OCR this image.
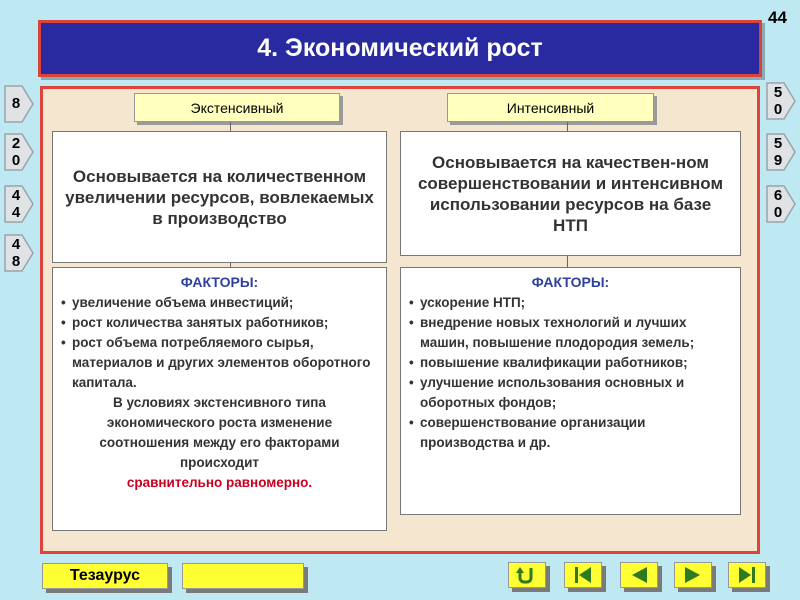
44
4. Экономический рост
8
2
0
4
4
4
8
5
0
5
9
6
0
Экстенсивный
Основывается на количественном увеличении ресурсов, вовлекаемых в производство
ФАКТОРЫ:
• увеличение объема инвестиций;
• рост количества занятых работников;
• рост объема потребляемого сырья, материалов и других элементов оборотного капитала.
В условиях экстенсивного типа экономического роста изменение соотношения между его факторами происходит
сравнительно равномерно.
Интенсивный
Основывается на качествен-ном совершенствовании и интенсивном использовании ресурсов на базе НТП
ФАКТОРЫ:
• ускорение НТП;
• внедрение новых технологий и лучших машин, повышение плодородия земель;
• повышение квалификации работников;
• улучшение использования основных и оборотных фондов;
• совершенствование организации производства и др.
Тезаурус
